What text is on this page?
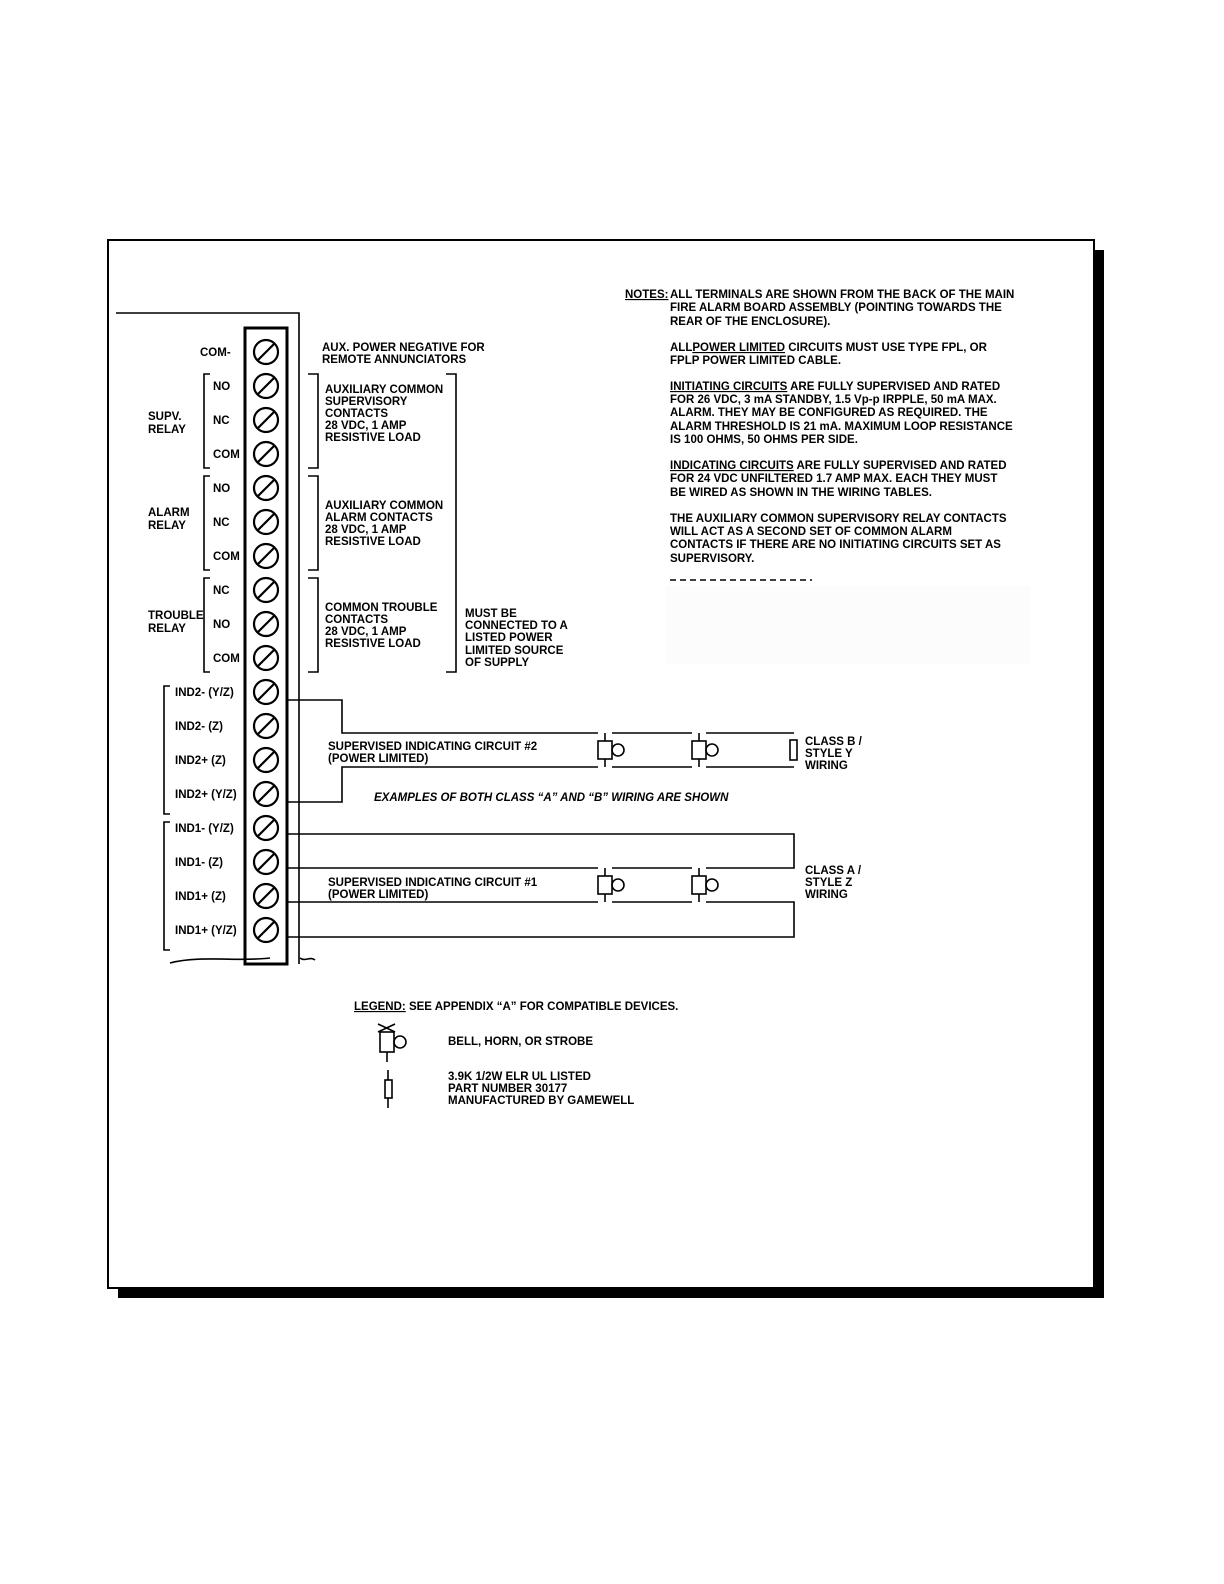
COM-
NO
NC
COM
NO
NC
COM
NC
NO
COM
IND2- (Y/Z)
IND2- (Z)
IND2+ (Z)
IND2+ (Y/Z)
IND1- (Y/Z)
IND1- (Z)
IND1+ (Z)
IND1+ (Y/Z)
SUPV.
RELAY
ALARM
RELAY
TROUBLE
RELAY
AUX. POWER NEGATIVE FOR
REMOTE ANNUNCIATORS
AUXILIARY COMMON
SUPERVISORY
CONTACTS
28 VDC, 1 AMP
RESISTIVE LOAD
AUXILIARY COMMON
ALARM CONTACTS
28 VDC, 1 AMP
RESISTIVE LOAD
COMMON TROUBLE
CONTACTS
28 VDC, 1 AMP
RESISTIVE LOAD
MUST BE
CONNECTED TO A
LISTED POWER
LIMITED SOURCE
OF SUPPLY
SUPERVISED INDICATING CIRCUIT #2
(POWER LIMITED)
CLASS B /
STYLE Y
WIRING
EXAMPLES OF BOTH CLASS “A” AND “B” WIRING ARE SHOWN
SUPERVISED INDICATING CIRCUIT #1
(POWER LIMITED)
CLASS A /
STYLE Z
WIRING
NOTES: ALL TERMINALS ARE SHOWN FROM THE BACK OF THE MAIN
FIRE ALARM BOARD ASSEMBLY (POINTING TOWARDS THE
REAR OF THE ENCLOSURE).
ALLPOWER LIMITED CIRCUITS MUST USE TYPE FPL, OR
FPLP POWER LIMITED CABLE.
INITIATING CIRCUITS ARE FULLY SUPERVISED AND RATED
FOR 26 VDC, 3 mA STANDBY, 1.5 Vp-p IRPPLE, 50 mA MAX.
ALARM. THEY MAY BE CONFIGURED AS REQUIRED. THE
ALARM THRESHOLD IS 21 mA. MAXIMUM LOOP RESISTANCE
IS 100 OHMS, 50 OHMS PER SIDE.
INDICATING CIRCUITS ARE FULLY SUPERVISED AND RATED
FOR 24 VDC UNFILTERED 1.7 AMP MAX. EACH THEY MUST
BE WIRED AS SHOWN IN THE WIRING TABLES.
THE AUXILIARY COMMON SUPERVISORY RELAY CONTACTS
WILL ACT AS A SECOND SET OF COMMON ALARM
CONTACTS IF THERE ARE NO INITIATING CIRCUITS SET AS
SUPERVISORY.
LEGEND: SEE APPENDIX “A” FOR COMPATIBLE DEVICES.
BELL, HORN, OR STROBE
3.9K 1/2W ELR UL LISTED
PART NUMBER 30177
MANUFACTURED BY GAMEWELL
